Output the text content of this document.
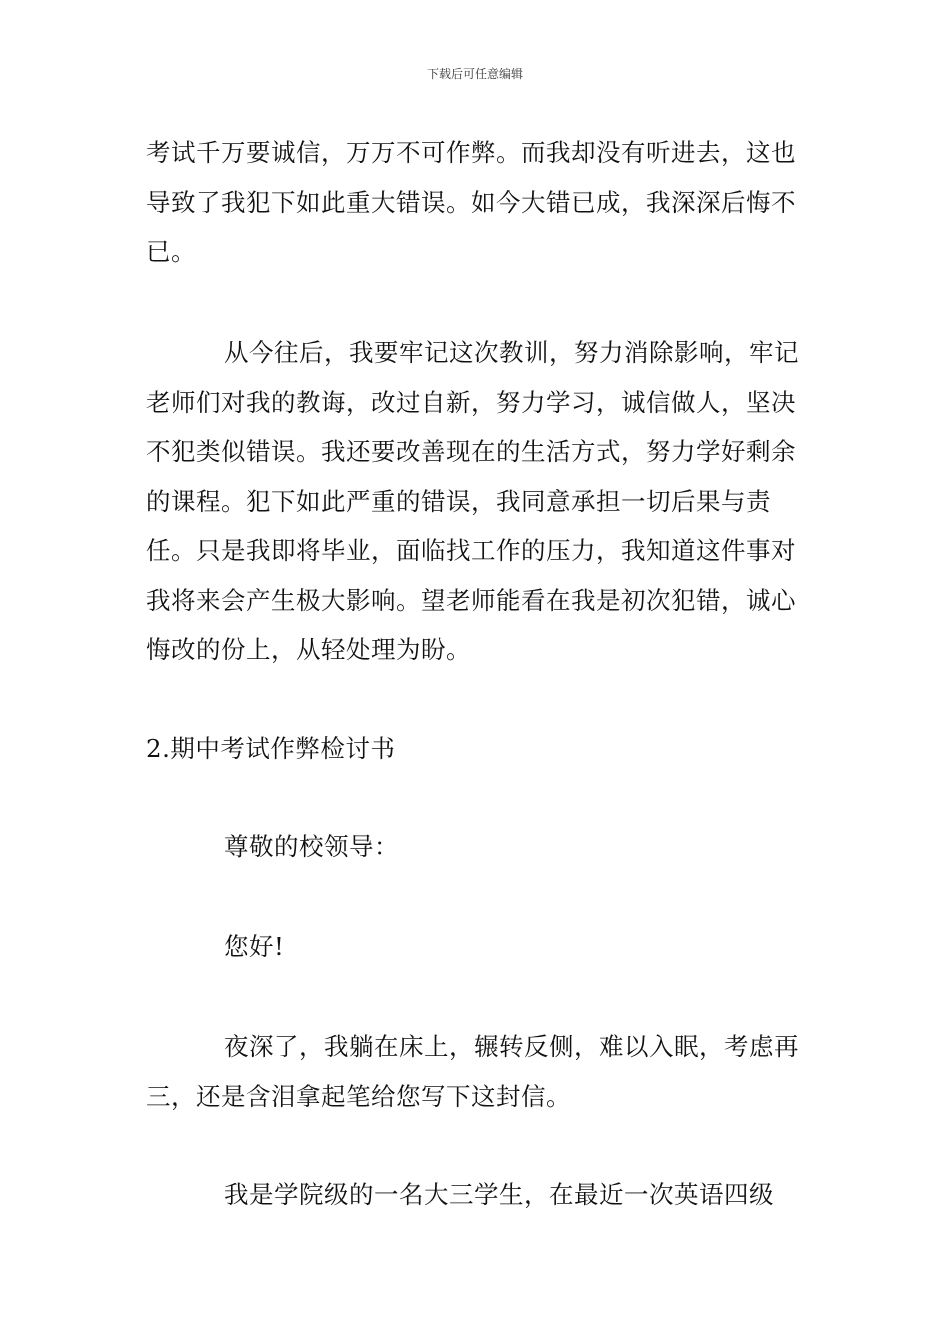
下载后可任意编辑

考试千万要诚信，万万不可作弊。而我却没有听进去，这也导致了我犯下如此重大错误。如今大错已成，我深深后悔不已。

从今往后，我要牢记这次教训，努力消除影响，牢记老师们对我的教诲，改过自新，努力学习，诚信做人，坚决不犯类似错误。我还要改善现在的生活方式，努力学好剩余的课程。犯下如此严重的错误，我同意承担一切后果与责任。只是我即将毕业，面临找工作的压力，我知道这件事对我将来会产生极大影响。望老师能看在我是初次犯错，诚心悔改的份上，从轻处理为盼。

2.期中考试作弊检讨书

尊敬的校领导：

您好!

夜深了，我躺在床上，辗转反侧，难以入眠，考虑再三，还是含泪拿起笔给您写下这封信。

我是学院级的一名大三学生，在最近一次英语四级
